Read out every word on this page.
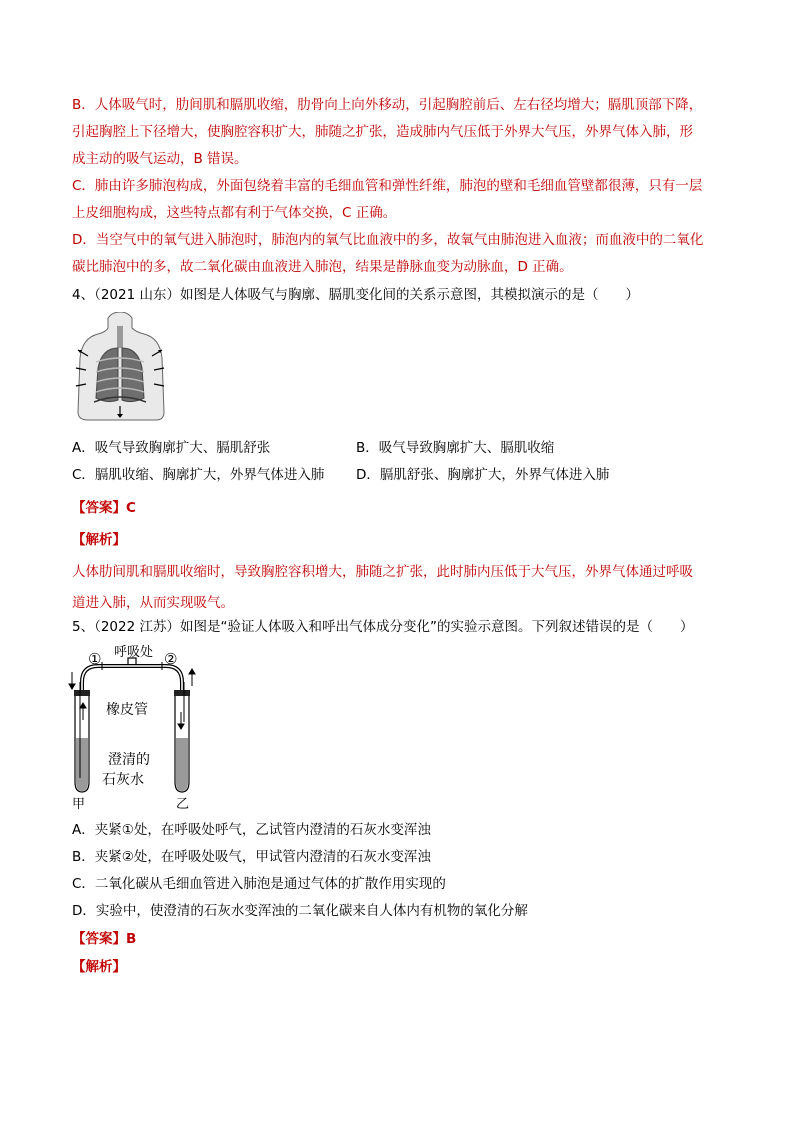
B．人体吸气时，肋间肌和膈肌收缩，肋骨向上向外移动，引起胸腔前后、左右径均增大；膈肌顶部下降，
引起胸腔上下径增大，使胸腔容积扩大，肺随之扩张，造成肺内气压低于外界大气压，外界气体入肺，形
成主动的吸气运动，B 错误。
C．肺由许多肺泡构成，外面包绕着丰富的毛细血管和弹性纤维，肺泡的壁和毛细血管壁都很薄，只有一层
上皮细胞构成，这些特点都有利于气体交换，C 正确。
D．当空气中的氧气进入肺泡时，肺泡内的氧气比血液中的多，故氧气由肺泡进入血液；而血液中的二氧化
碳比肺泡中的多，故二氧化碳由血液进入肺泡，结果是静脉血变为动脉血，D 正确。
4、（2021 山东）如图是人体吸气与胸廓、膈肌变化间的关系示意图，其模拟演示的是（　　）
A．吸气导致胸廓扩大、膈肌舒张	B．吸气导致胸廓扩大、膈肌收缩
C．膈肌收缩、胸廓扩大，外界气体进入肺 D．膈肌舒张、胸廓扩大，外界气体进入肺
【答案】C
【解析】
人体肋间肌和膈肌收缩时，导致胸腔容积增大，肺随之扩张，此时肺内压低于大气压，外界气体通过呼吸
道进入肺，从而实现吸气。
5、（2022 江苏）如图是“验证人体吸入和呼出气体成分变化”的实验示意图。下列叙述错误的是（　　）
① 呼吸处 ②
橡皮管
澄清的
石灰水
甲	乙
A．夹紧①处，在呼吸处呼气，乙试管内澄清的石灰水变浑浊
B．夹紧②处，在呼吸处吸气，甲试管内澄清的石灰水变浑浊
C．二氧化碳从毛细血管进入肺泡是通过气体的扩散作用实现的
D．实验中，使澄清的石灰水变浑浊的二氧化碳来自人体内有机物的氧化分解
【答案】B
【解析】
